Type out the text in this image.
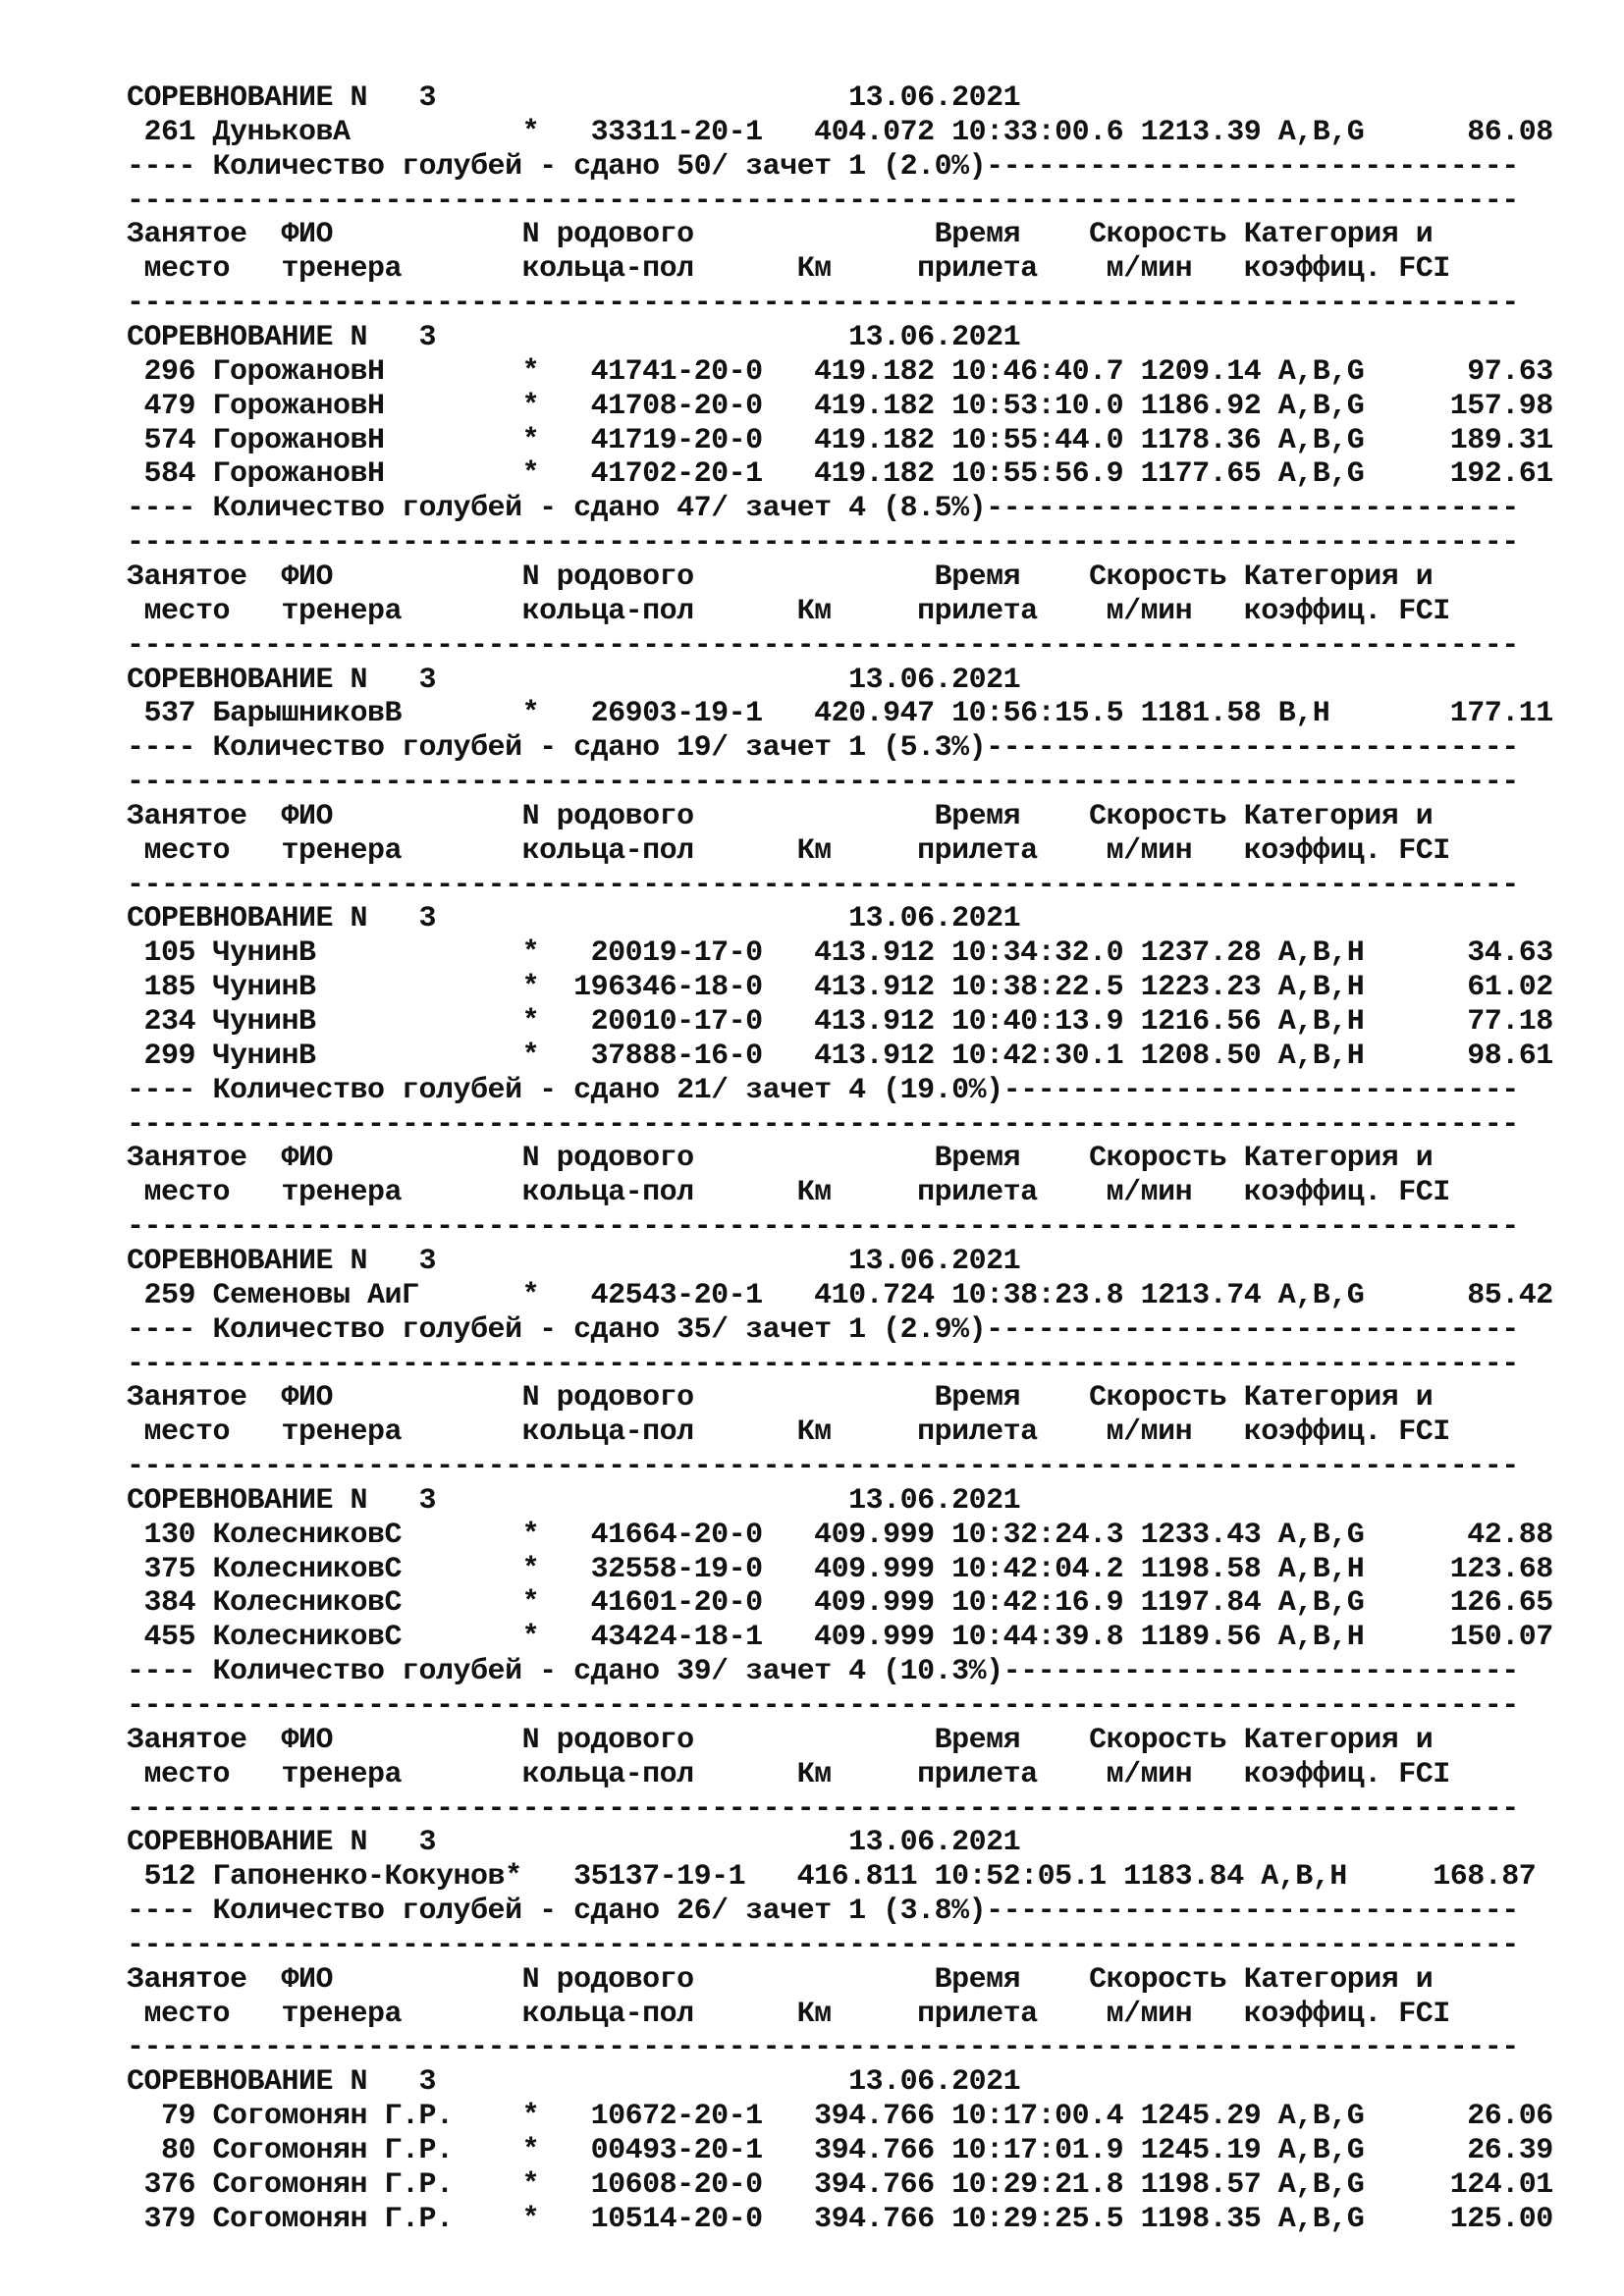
СОРЕВНОВАНИЕ N   3                        13.06.2021
261 ДуньковА          *   33311-20-1   404.072 10:33:00.6 1213.39 A,B,G      86.08
---- Количество голубей - сдано 50/ зачет 1 (2.0%)-------------------------------
---------------------------------------------------------------------------------
Занятое  ФИО           N родового              Время    Скорость Категория и
место   тренера       кольца-пол      Км     прилета    м/мин   коэффиц. FCI
---------------------------------------------------------------------------------
СОРЕВНОВАНИЕ N   3                        13.06.2021
296 ГорожановН        *   41741-20-0   419.182 10:46:40.7 1209.14 A,B,G      97.63
479 ГорожановН        *   41708-20-0   419.182 10:53:10.0 1186.92 A,B,G     157.98
574 ГорожановН        *   41719-20-0   419.182 10:55:44.0 1178.36 A,B,G     189.31
584 ГорожановН        *   41702-20-1   419.182 10:55:56.9 1177.65 A,B,G     192.61
---- Количество голубей - сдано 47/ зачет 4 (8.5%)-------------------------------
---------------------------------------------------------------------------------
Занятое  ФИО           N родового              Время    Скорость Категория и
место   тренера       кольца-пол      Км     прилета    м/мин   коэффиц. FCI
---------------------------------------------------------------------------------
СОРЕВНОВАНИЕ N   3                        13.06.2021
537 БарышниковВ       *   26903-19-1   420.947 10:56:15.5 1181.58 B,H       177.11
---- Количество голубей - сдано 19/ зачет 1 (5.3%)-------------------------------
---------------------------------------------------------------------------------
Занятое  ФИО           N родового              Время    Скорость Категория и
место   тренера       кольца-пол      Км     прилета    м/мин   коэффиц. FCI
---------------------------------------------------------------------------------
СОРЕВНОВАНИЕ N   3                        13.06.2021
105 ЧунинВ            *   20019-17-0   413.912 10:34:32.0 1237.28 A,B,H      34.63
185 ЧунинВ            *  196346-18-0   413.912 10:38:22.5 1223.23 A,B,H      61.02
234 ЧунинВ            *   20010-17-0   413.912 10:40:13.9 1216.56 A,B,H      77.18
299 ЧунинВ            *   37888-16-0   413.912 10:42:30.1 1208.50 A,B,H      98.61
---- Количество голубей - сдано 21/ зачет 4 (19.0%)------------------------------
---------------------------------------------------------------------------------
Занятое  ФИО           N родового              Время    Скорость Категория и
место   тренера       кольца-пол      Км     прилета    м/мин   коэффиц. FCI
---------------------------------------------------------------------------------
СОРЕВНОВАНИЕ N   3                        13.06.2021
259 Семеновы АиГ      *   42543-20-1   410.724 10:38:23.8 1213.74 A,B,G      85.42
---- Количество голубей - сдано 35/ зачет 1 (2.9%)-------------------------------
---------------------------------------------------------------------------------
Занятое  ФИО           N родового              Время    Скорость Категория и
место   тренера       кольца-пол      Км     прилета    м/мин   коэффиц. FCI
---------------------------------------------------------------------------------
СОРЕВНОВАНИЕ N   3                        13.06.2021
130 КолесниковС       *   41664-20-0   409.999 10:32:24.3 1233.43 A,B,G      42.88
375 КолесниковС       *   32558-19-0   409.999 10:42:04.2 1198.58 A,B,H     123.68
384 КолесниковС       *   41601-20-0   409.999 10:42:16.9 1197.84 A,B,G     126.65
455 КолесниковС       *   43424-18-1   409.999 10:44:39.8 1189.56 A,B,H     150.07
---- Количество голубей - сдано 39/ зачет 4 (10.3%)------------------------------
---------------------------------------------------------------------------------
Занятое  ФИО           N родового              Время    Скорость Категория и
место   тренера       кольца-пол      Км     прилета    м/мин   коэффиц. FCI
---------------------------------------------------------------------------------
СОРЕВНОВАНИЕ N   3                        13.06.2021
512 Гапоненко-Кокунов*   35137-19-1   416.811 10:52:05.1 1183.84 A,B,H     168.87
---- Количество голубей - сдано 26/ зачет 1 (3.8%)-------------------------------
---------------------------------------------------------------------------------
Занятое  ФИО           N родового              Время    Скорость Категория и
место   тренера       кольца-пол      Км     прилета    м/мин   коэффиц. FCI
---------------------------------------------------------------------------------
СОРЕВНОВАНИЕ N   3                        13.06.2021
79 Согомонян Г.Р.    *   10672-20-1   394.766 10:17:00.4 1245.29 A,B,G      26.06
80 Согомонян Г.Р.    *   00493-20-1   394.766 10:17:01.9 1245.19 A,B,G      26.39
376 Согомонян Г.Р.    *   10608-20-0   394.766 10:29:21.8 1198.57 A,B,G     124.01
379 Согомонян Г.Р.    *   10514-20-0   394.766 10:29:25.5 1198.35 A,B,G     125.00
